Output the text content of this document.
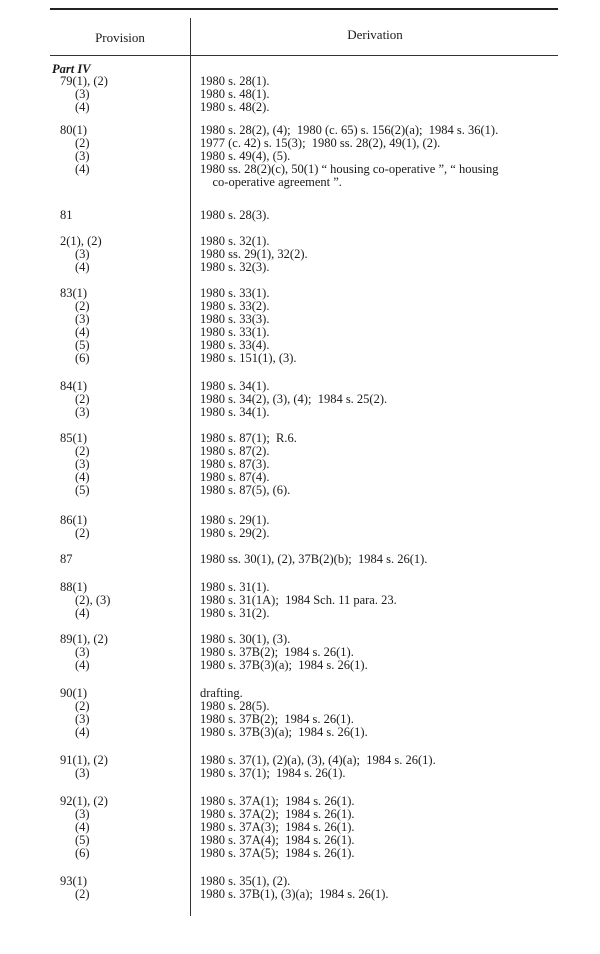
Provision	Derivation
Part IV
79(1), (2)	1980 s. 28(1).
(3)	1980 s. 48(1).
(4)	1980 s. 48(2).
80(1)	1980 s. 28(2), (4);  1980 (c. 65) s. 156(2)(a);  1984 s. 36(1).
(2)	1977 (c. 42) s. 15(3);  1980 ss. 28(2), 49(1), (2).
(3)	1980 s. 49(4), (5).
(4)	1980 ss. 28(2)(c), 50(1) “ housing co-operative ”, “ housing
co-operative agreement ”.
81	1980 s. 28(3).
2(1), (2)	1980 s. 32(1).
(3)	1980 ss. 29(1), 32(2).
(4)	1980 s. 32(3).
83(1)	1980 s. 33(1).
(2)	1980 s. 33(2).
(3)	1980 s. 33(3).
(4)	1980 s. 33(1).
(5)	1980 s. 33(4).
(6)	1980 s. 151(1), (3).
84(1)	1980 s. 34(1).
(2)	1980 s. 34(2), (3), (4);  1984 s. 25(2).
(3)	1980 s. 34(1).
85(1)	1980 s. 87(1);  R.6.
(2)	1980 s. 87(2).
(3)	1980 s. 87(3).
(4)	1980 s. 87(4).
(5)	1980 s. 87(5), (6).
86(1)	1980 s. 29(1).
(2)	1980 s. 29(2).
87	1980 ss. 30(1), (2), 37B(2)(b);  1984 s. 26(1).
88(1)	1980 s. 31(1).
(2), (3)	1980 s. 31(1A);  1984 Sch. 11 para. 23.
(4)	1980 s. 31(2).
89(1), (2)	1980 s. 30(1), (3).
(3)	1980 s. 37B(2);  1984 s. 26(1).
(4)	1980 s. 37B(3)(a);  1984 s. 26(1).
90(1)	drafting.
(2)	1980 s. 28(5).
(3)	1980 s. 37B(2);  1984 s. 26(1).
(4)	1980 s. 37B(3)(a);  1984 s. 26(1).
91(1), (2)	1980 s. 37(1), (2)(a), (3), (4)(a);  1984 s. 26(1).
(3)	1980 s. 37(1);  1984 s. 26(1).
92(1), (2)	1980 s. 37A(1);  1984 s. 26(1).
(3)	1980 s. 37A(2);  1984 s. 26(1).
(4)	1980 s. 37A(3);  1984 s. 26(1).
(5)	1980 s. 37A(4);  1984 s. 26(1).
(6)	1980 s. 37A(5);  1984 s. 26(1).
93(1)	1980 s. 35(1), (2).
(2)	1980 s. 37B(1), (3)(a);  1984 s. 26(1).
